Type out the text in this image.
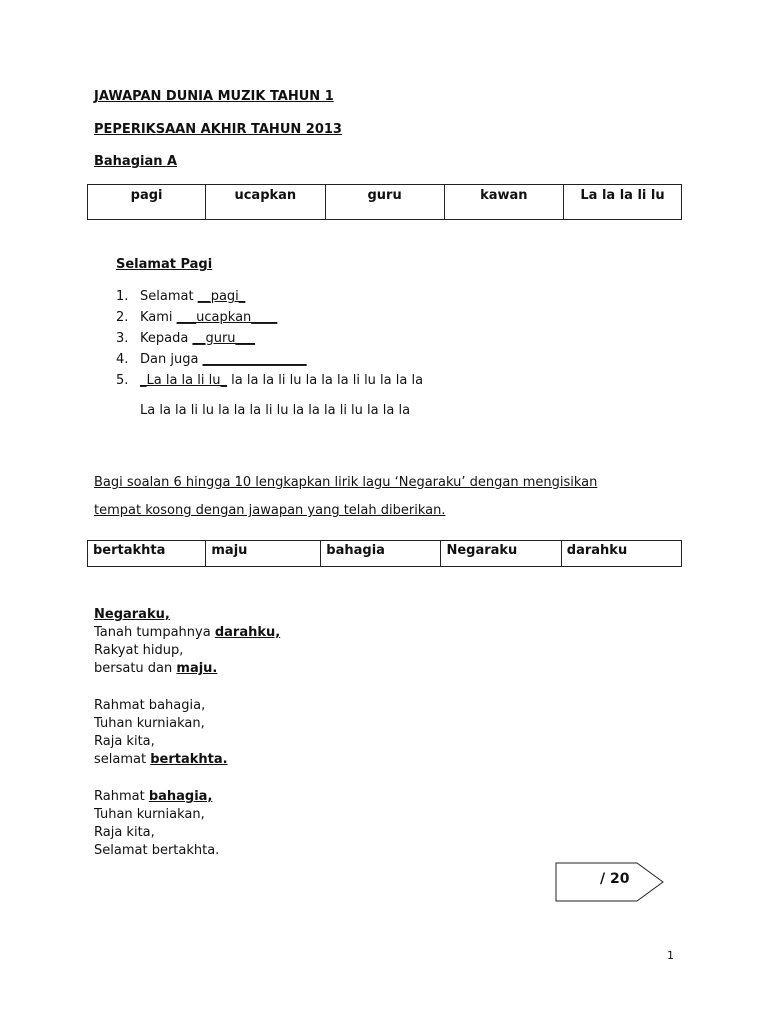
JAWAPAN DUNIA MUZIK TAHUN 1
PEPERIKSAAN AKHIR TAHUN 2013
Bahagian A
pagi	ucapkan	guru	kawan	La la la li lu
Selamat Pagi
1. Selamat __pagi_
2. Kami ___ucapkan____
3. Kepada __guru___
4. Dan juga ________________
5. _La la la li lu_ la la la li lu la la la li lu la la la
La la la li lu la la la li lu la la la li lu la la la
Bagi soalan 6 hingga 10 lengkapkan lirik lagu ‘Negaraku’ dengan mengisikan
tempat kosong dengan jawapan yang telah diberikan.
bertakhta	maju	bahagia	Negaraku	darahku
Negaraku,
Tanah tumpahnya darahku,
Rakyat hidup,
bersatu dan maju.
Rahmat bahagia,
Tuhan kurniakan,
Raja kita,
selamat bertakhta.
Rahmat bahagia,
Tuhan kurniakan,
Raja kita,
Selamat bertakhta.
/ 20
1
